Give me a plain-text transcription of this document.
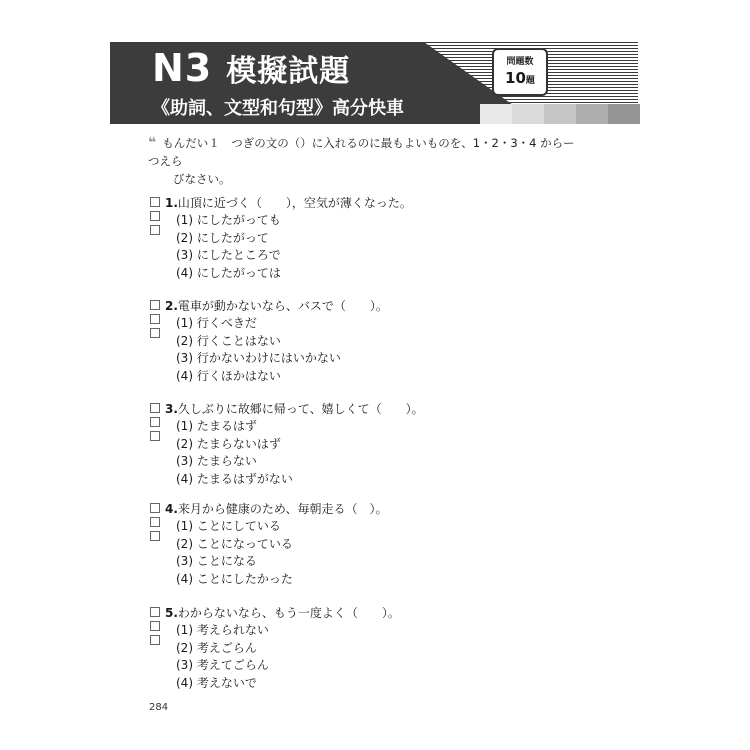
N3 模擬試題
《助詞、文型和句型》高分快車
問題数
10題
❝ もんだい１　つぎの文の（）に入れるのに最もよいものを、1・2・3・4 からーつえら
びなさい。
1.山頂に近づく（　　），空気が薄くなった。
(1) にしたがっても
(2) にしたがって
(3) にしたところで
(4) にしたがっては
2.電車が動かないなら、バスで（　　）。
(1) 行くべきだ
(2) 行くことはない
(3) 行かないわけにはいかない
(4) 行くほかはない
3.久しぶりに故郷に帰って、嬉しくて（　　）。
(1) たまるはず
(2) たまらないはず
(3) たまらない
(4) たまるはずがない
4.来月から健康のため、毎朝走る（　）。
(1) ことにしている
(2) ことになっている
(3) ことになる
(4) ことにしたかった
5.わからないなら、もう一度よく（　　）。
(1) 考えられない
(2) 考えごらん
(3) 考えてごらん
(4) 考えないで
284
